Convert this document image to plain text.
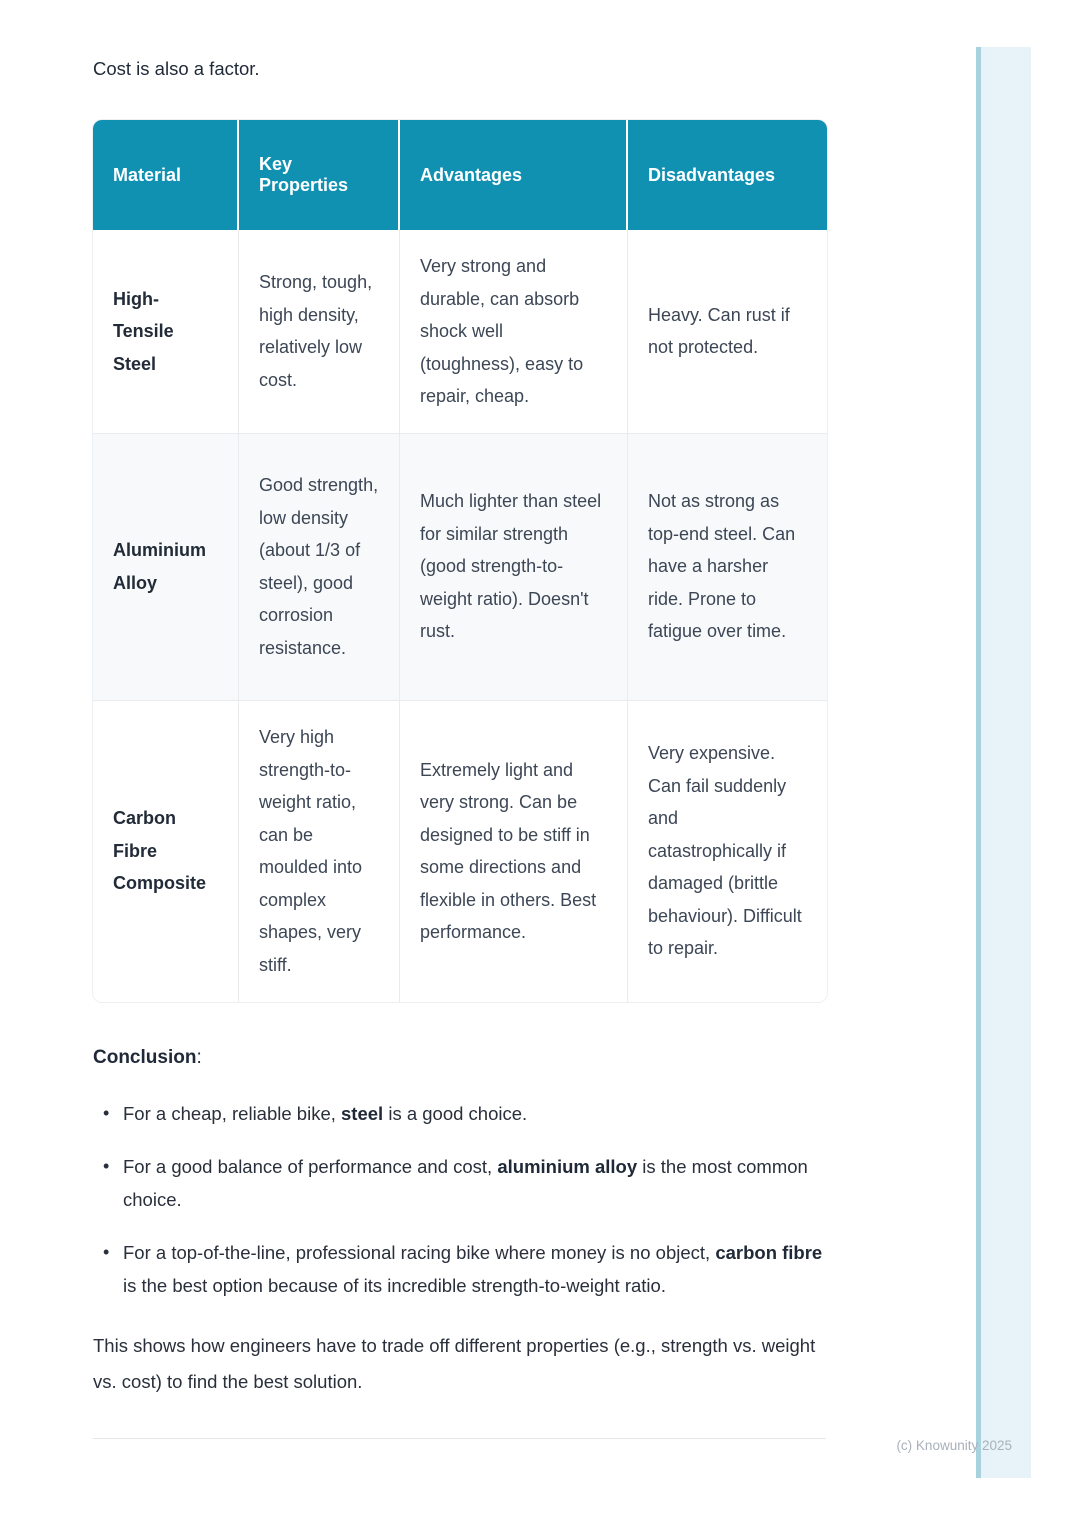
Cost is also a factor.

Material	Key Properties	Advantages	Disadvantages
High-Tensile Steel	Strong, tough, high density, relatively low cost.	Very strong and durable, can absorb shock well (toughness), easy to repair, cheap.	Heavy. Can rust if not protected.
Aluminium Alloy	Good strength, low density (about 1/3 of steel), good corrosion resistance.	Much lighter than steel for similar strength (good strength-to-weight ratio). Doesn't rust.	Not as strong as top-end steel. Can have a harsher ride. Prone to fatigue over time.
Carbon Fibre Composite	Very high strength-to-weight ratio, can be moulded into complex shapes, very stiff.	Extremely light and very strong. Can be designed to be stiff in some directions and flexible in others. Best performance.	Very expensive. Can fail suddenly and catastrophically if damaged (brittle behaviour). Difficult to repair.

Conclusion:

• For a cheap, reliable bike, steel is a good choice.
• For a good balance of performance and cost, aluminium alloy is the most common choice.
• For a top-of-the-line, professional racing bike where money is no object, carbon fibre is the best option because of its incredible strength-to-weight ratio.

This shows how engineers have to trade off different properties (e.g., strength vs. weight vs. cost) to find the best solution.

(c) Knowunity 2025
